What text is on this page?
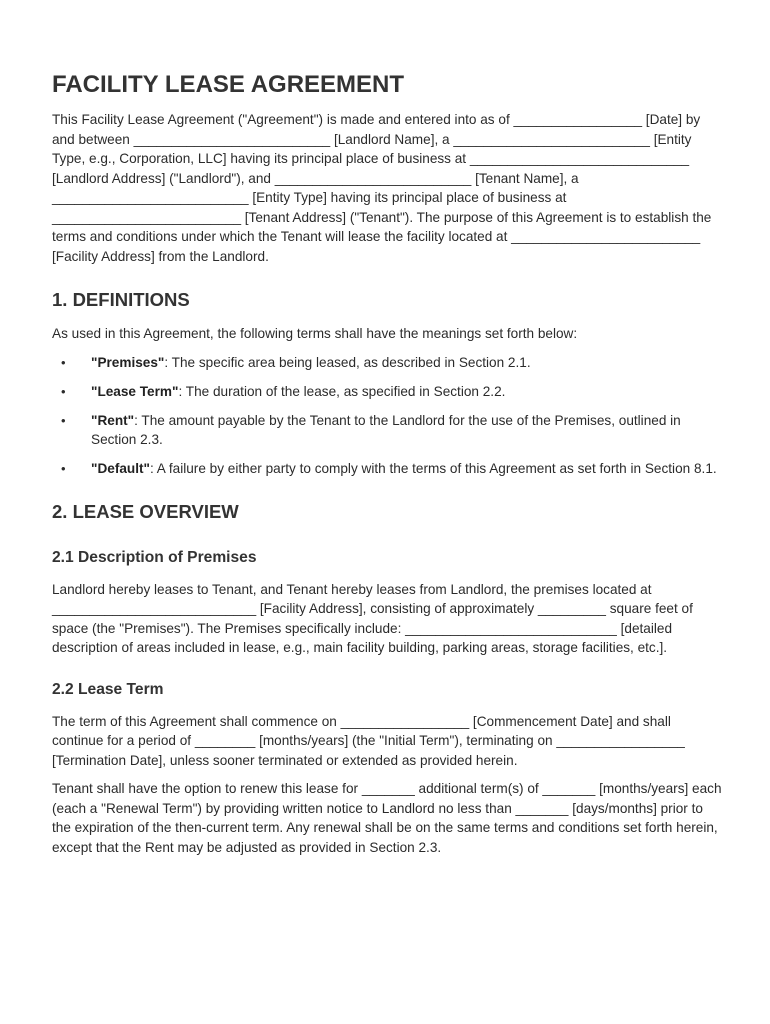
FACILITY LEASE AGREEMENT

This Facility Lease Agreement ("Agreement") is made and entered into as of _________________ [Date] by and between __________________________ [Landlord Name], a __________________________ [Entity Type, e.g., Corporation, LLC] having its principal place of business at _____________________________ [Landlord Address] ("Landlord"), and __________________________ [Tenant Name], a __________________________ [Entity Type] having its principal place of business at _________________________ [Tenant Address] ("Tenant"). The purpose of this Agreement is to establish the terms and conditions under which the Tenant will lease the facility located at _________________________ [Facility Address] from the Landlord.

1. DEFINITIONS

As used in this Agreement, the following terms shall have the meanings set forth below:

• "Premises": The specific area being leased, as described in Section 2.1.
• "Lease Term": The duration of the lease, as specified in Section 2.2.
• "Rent": The amount payable by the Tenant to the Landlord for the use of the Premises, outlined in Section 2.3.
• "Default": A failure by either party to comply with the terms of this Agreement as set forth in Section 8.1.
2. LEASE OVERVIEW
2.1 Description of Premises

Landlord hereby leases to Tenant, and Tenant hereby leases from Landlord, the premises located at ___________________________ [Facility Address], consisting of approximately _________ square feet of space (the "Premises"). The Premises specifically include: ____________________________ [detailed description of areas included in lease, e.g., main facility building, parking areas, storage facilities, etc.].

2.2 Lease Term

The term of this Agreement shall commence on _________________ [Commencement Date] and shall continue for a period of ________ [months/years] (the "Initial Term"), terminating on _________________ [Termination Date], unless sooner terminated or extended as provided herein.

Tenant shall have the option to renew this lease for _______ additional term(s) of _______ [months/years] each (each a "Renewal Term") by providing written notice to Landlord no less than _______ [days/months] prior to the expiration of the then-current term. Any renewal shall be on the same terms and conditions set forth herein, except that the Rent may be adjusted as provided in Section 2.3.
